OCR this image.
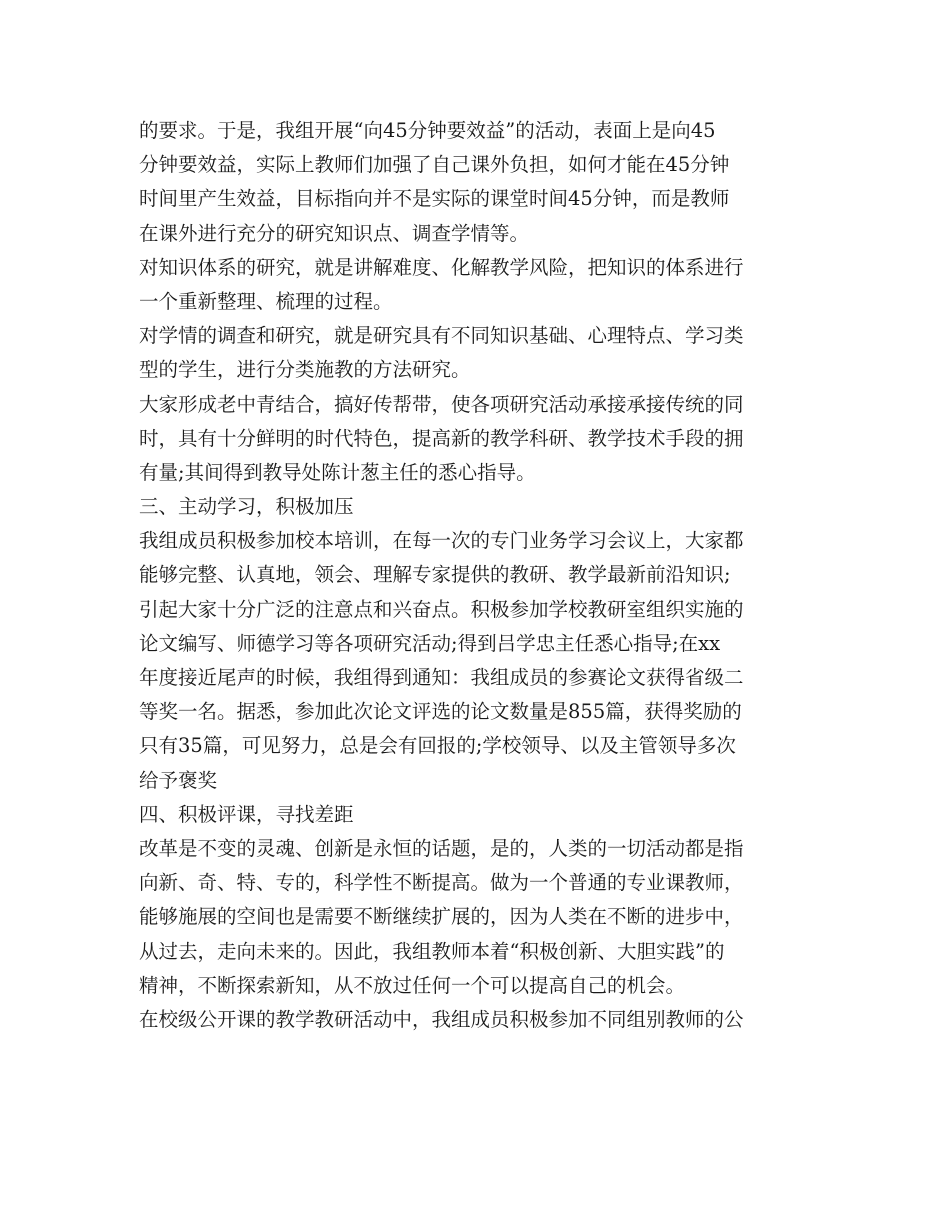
的要求。于是，我组开展“向45分钟要效益”的活动，表面上是向45
分钟要效益，实际上教师们加强了自己课外负担，如何才能在45分钟
时间里产生效益，目标指向并不是实际的课堂时间45分钟，而是教师
在课外进行充分的研究知识点、调查学情等。
对知识体系的研究，就是讲解难度、化解教学风险，把知识的体系进行
一个重新整理、梳理的过程。
对学情的调查和研究，就是研究具有不同知识基础、心理特点、学习类
型的学生，进行分类施教的方法研究。
大家形成老中青结合，搞好传帮带，使各项研究活动承接承接传统的同
时，具有十分鲜明的时代特色，提高新的教学科研、教学技术手段的拥
有量;其间得到教导处陈计葱主任的悉心指导。
三、主动学习，积极加压
我组成员积极参加校本培训，在每一次的专门业务学习会议上，大家都
能够完整、认真地，领会、理解专家提供的教研、教学最新前沿知识;
引起大家十分广泛的注意点和兴奋点。积极参加学校教研室组织实施的
论文编写、师德学习等各项研究活动;得到吕学忠主任悉心指导;在xx
年度接近尾声的时候，我组得到通知：我组成员的参赛论文获得省级二
等奖一名。据悉，参加此次论文评选的论文数量是855篇，获得奖励的
只有35篇，可见努力，总是会有回报的;学校领导、以及主管领导多次
给予褒奖
四、积极评课，寻找差距
改革是不变的灵魂、创新是永恒的话题，是的，人类的一切活动都是指
向新、奇、特、专的，科学性不断提高。做为一个普通的专业课教师，
能够施展的空间也是需要不断继续扩展的，因为人类在不断的进步中，
从过去，走向未来的。因此，我组教师本着“积极创新、大胆实践”的
精神，不断探索新知，从不放过任何一个可以提高自己的机会。
在校级公开课的教学教研活动中，我组成员积极参加不同组别教师的公
